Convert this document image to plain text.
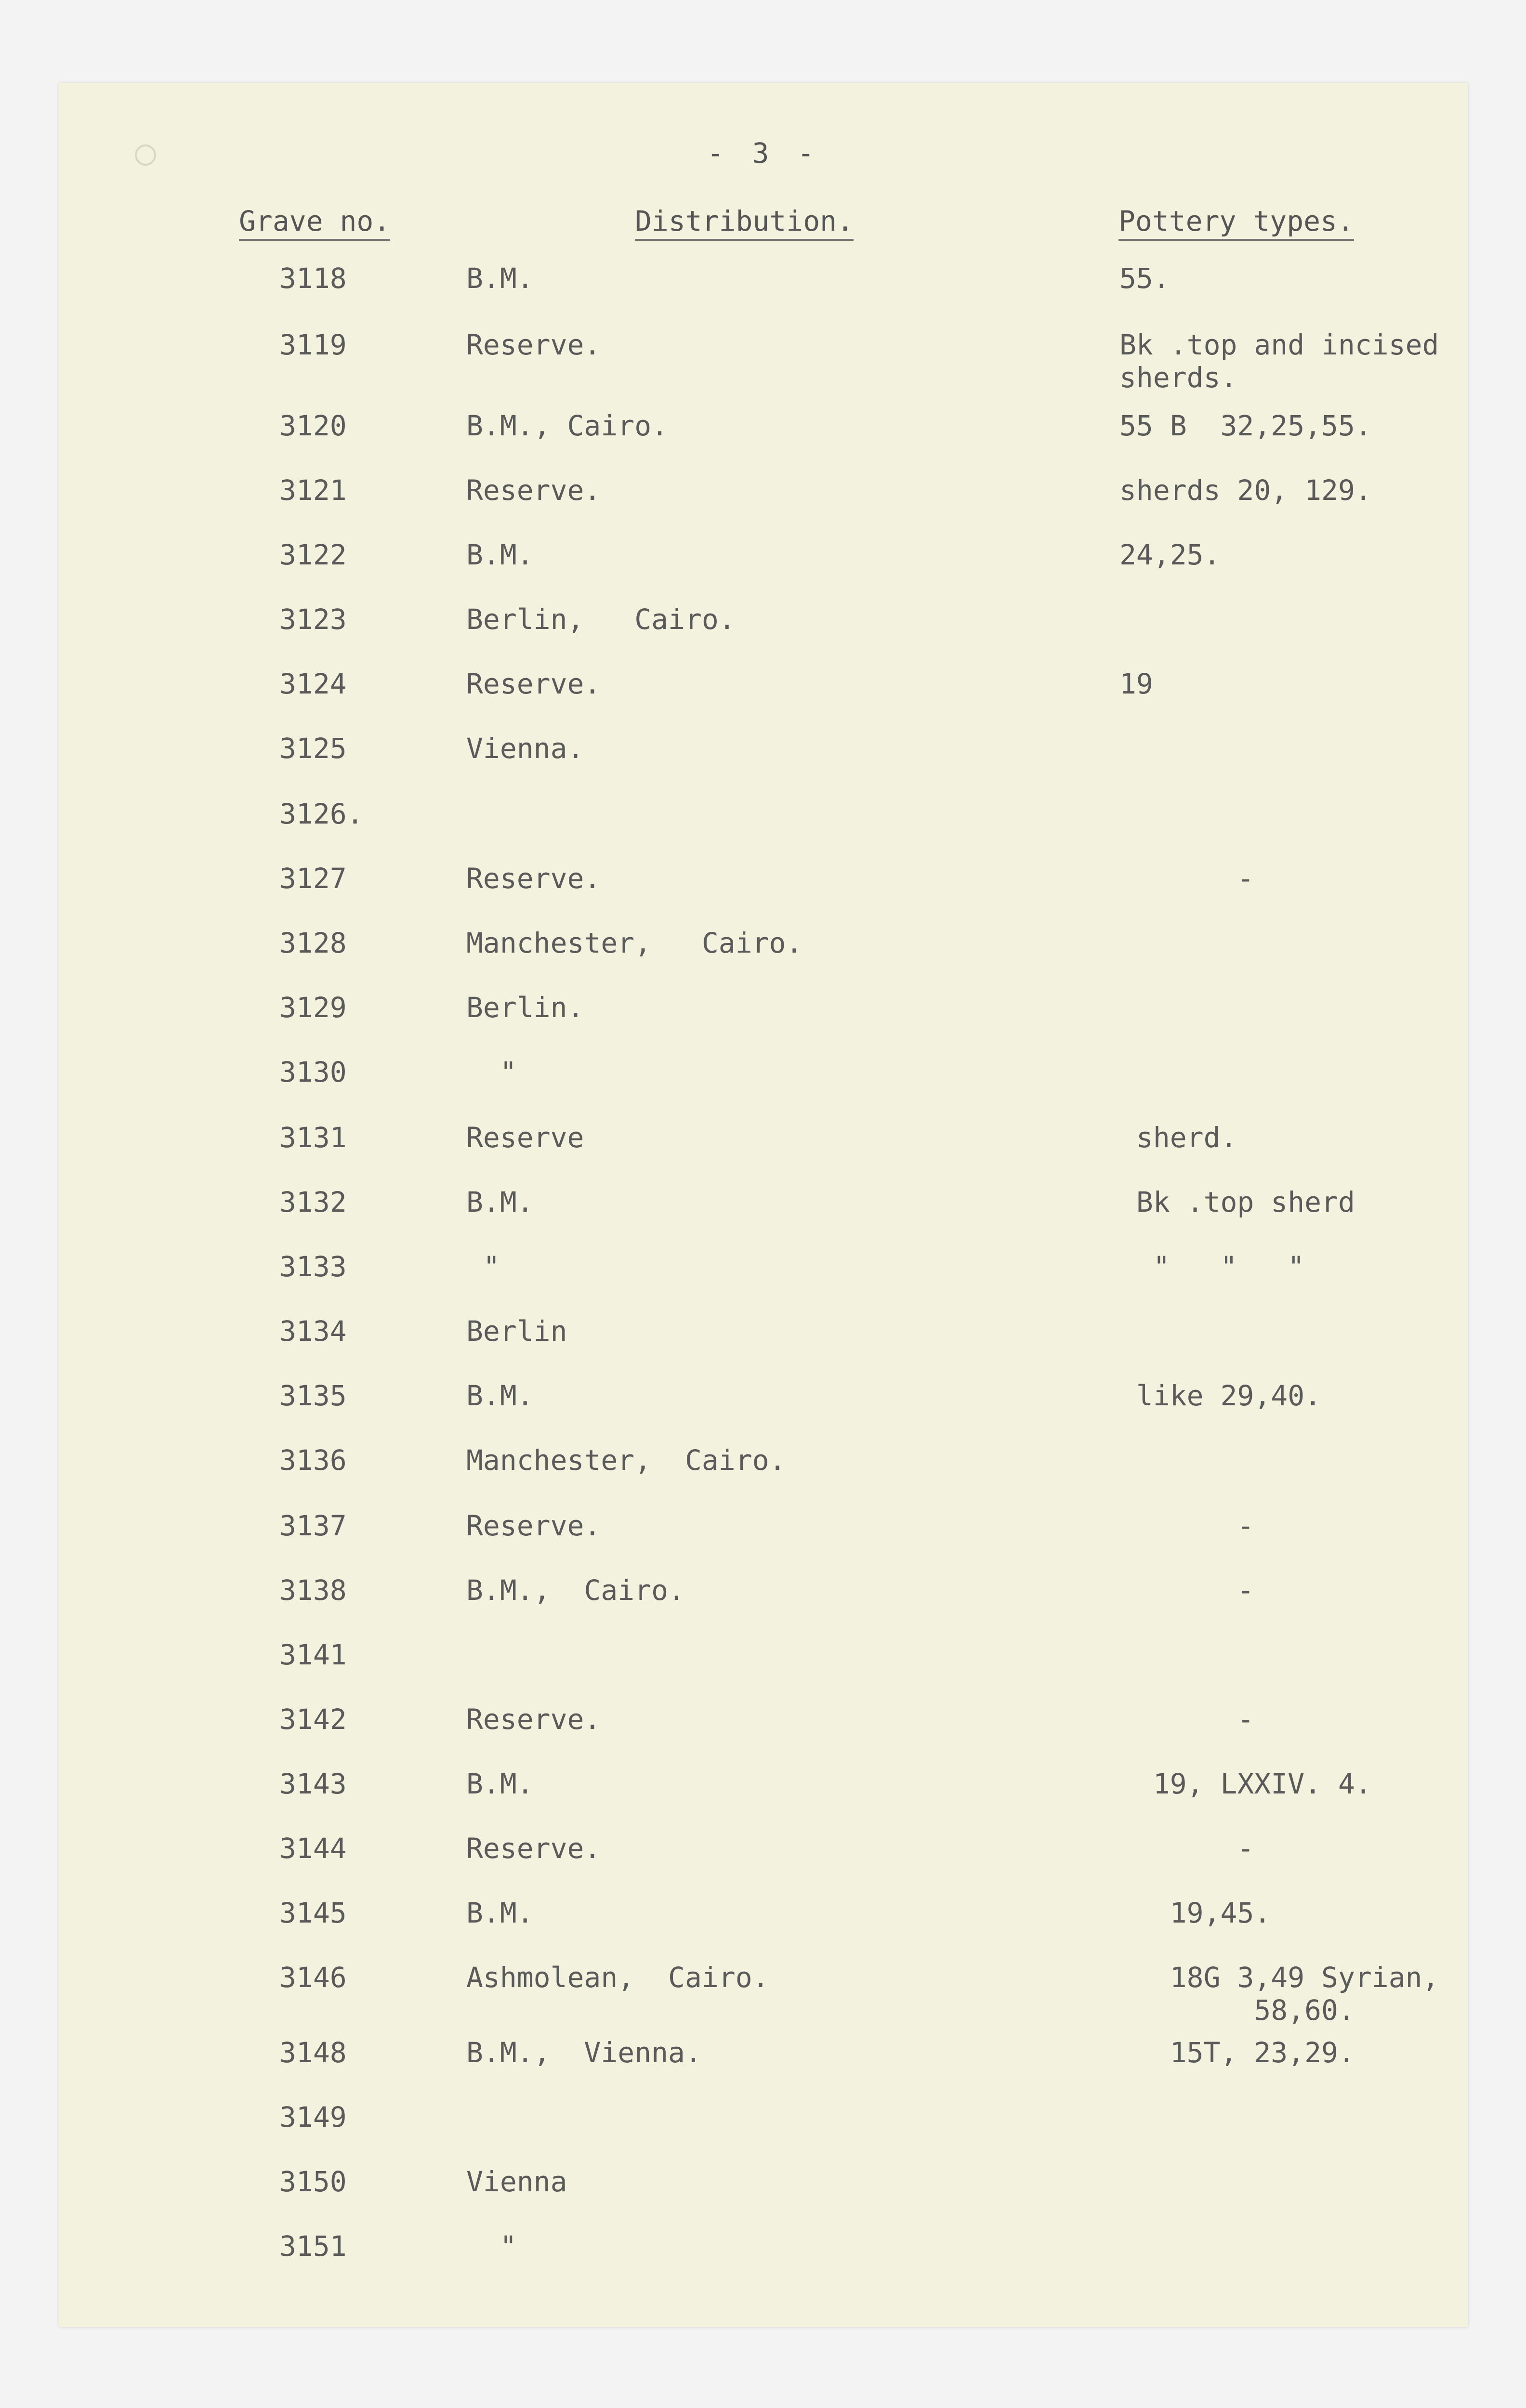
- 3 -
Grave no.	Distribution.	Pottery types.
3118	B.M.	55.
3119	Reserve.	Bk .top and incised
sherds.
3120	B.M., Cairo.	55 B  32,25,55.
3121	Reserve.	sherds 20, 129.
3122	B.M.	24,25.
3123	Berlin,   Cairo.
3124	Reserve.	19
3125	Vienna.
3126.
3127	Reserve.	-
3128	Manchester,   Cairo.
3129	Berlin.
3130	"
3131	Reserve	sherd.
3132	B.M.	Bk .top sherd
3133	"	"   "   "
3134	Berlin
3135	B.M.	like 29,40.
3136	Manchester,  Cairo.
3137	Reserve.	-
3138	B.M.,  Cairo.	-
3141
3142	Reserve.	-
3143	B.M.	19, LXXIV. 4.
3144	Reserve.	-
3145	B.M.	19,45.
3146	Ashmolean,  Cairo.	18G 3,49 Syrian,
58,60.
3148	B.M.,  Vienna.	15T, 23,29.
3149
3150	Vienna
3151	"
